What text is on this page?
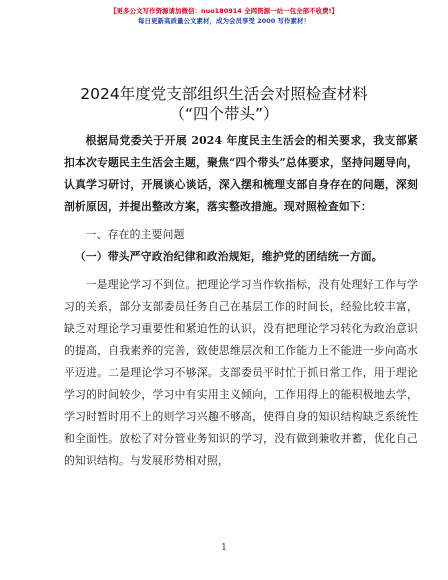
【更多公文写作资源请加微信：nuo180914 全网资源一站一包全部不收费!】
每日更新高质量公文素材，成为会员享受 2000 写作素材！
2024年度党支部组织生活会对照检查材料
（“四个带头”）

根据局党委关于开展 2024 年度民主生活会的相关要求，我支部紧扣本次专题民主生活会主题，聚焦“四个带头”总体要求，坚持问题导向，认真学习研讨，开展谈心谈话，深入摆和梳理支部自身存在的问题，深刻剖析原因，并提出整改方案，落实整改措施。现对照检查如下：

一、存在的主要问题

（一）带头严守政治纪律和政治规矩，维护党的团结统一方面。

一是理论学习不到位。把理论学习当作软指标，没有处理好工作与学习的关系，部分支部委员任务自己在基层工作的时间长，经验比较丰富，缺乏对理论学习重要性和紧迫性的认识，没有把理论学习转化为政治意识的提高，自我素养的完善，致使思维层次和工作能力上不能进一步向高水平迈进。二是理论学习不够深。支部委员平时忙于抓日常工作，用于理论学习的时间较少，学习中有实用主义倾向，工作用得上的能积极地去学，学习时暂时用不上的则学习兴趣不够高，使得自身的知识结构缺乏系统性和全面性。放松了对分管业务知识的学习，没有做到兼收并蓄，优化自己的知识结构。与发展形势相对照，

1
